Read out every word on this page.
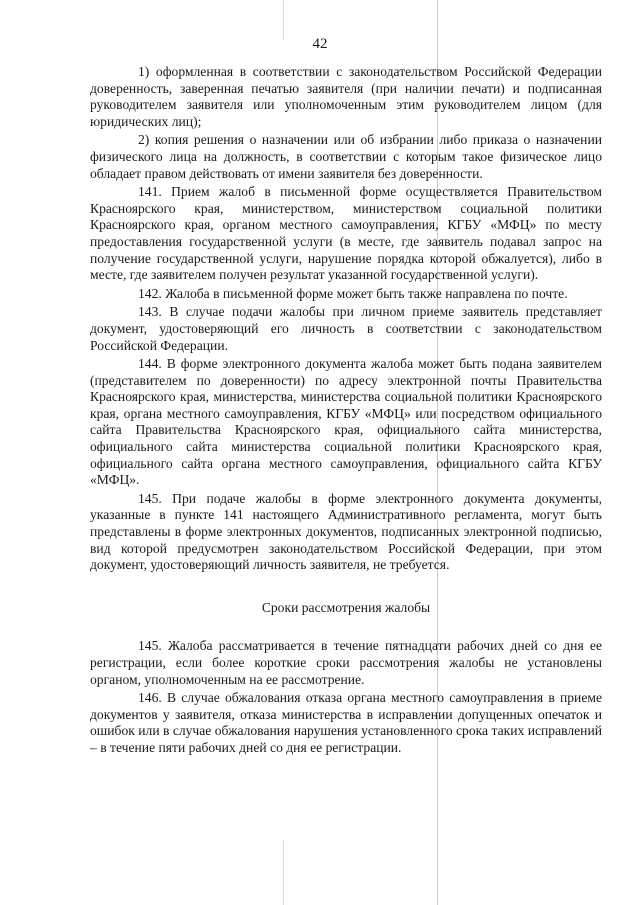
42

1) оформленная в соответствии с законодательством Российской Федерации доверенность, заверенная печатью заявителя (при наличии печати) и подписанная руководителем заявителя или уполномоченным этим руководителем лицом (для юридических лиц);

2) копия решения о назначении или об избрании либо приказа о назначении физического лица на должность, в соответствии с которым такое физическое лицо обладает правом действовать от имени заявителя без доверенности.

141. Прием жалоб в письменной форме осуществляется Правительством Красноярского края, министерством, министерством социальной политики Красноярского края, органом местного самоуправления, КГБУ «МФЦ» по месту предоставления государственной услуги (в месте, где заявитель подавал запрос на получение государственной услуги, нарушение порядка которой обжалуется), либо в месте, где заявителем получен результат указанной государственной услуги).

142. Жалоба в письменной форме может быть также направлена по почте.

143. В случае подачи жалобы при личном приеме заявитель представляет документ, удостоверяющий его личность в соответствии с законодательством Российской Федерации.

144. В форме электронного документа жалоба может быть подана заявителем (представителем по доверенности) по адресу электронной почты Правительства Красноярского края, министерства, министерства социальной политики Красноярского края, органа местного самоуправления, КГБУ «МФЦ» или посредством официального сайта Правительства Красноярского края, официального сайта министерства, официального сайта министерства социальной политики Красноярского края, официального сайта органа местного самоуправления, официального сайта КГБУ «МФЦ».

145. При подаче жалобы в форме электронного документа документы, указанные в пункте 141 настоящего Административного регламента, могут быть представлены в форме электронных документов, подписанных электронной подписью, вид которой предусмотрен законодательством Российской Федерации, при этом документ, удостоверяющий личность заявителя, не требуется.

Сроки рассмотрения жалобы

145. Жалоба рассматривается в течение пятнадцати рабочих дней со дня ее регистрации, если более короткие сроки рассмотрения жалобы не установлены органом, уполномоченным на ее рассмотрение.

146. В случае обжалования отказа органа местного самоуправления в приеме документов у заявителя, отказа министерства в исправлении допущенных опечаток и ошибок или в случае обжалования нарушения установленного срока таких исправлений – в течение пяти рабочих дней со дня ее регистрации.
